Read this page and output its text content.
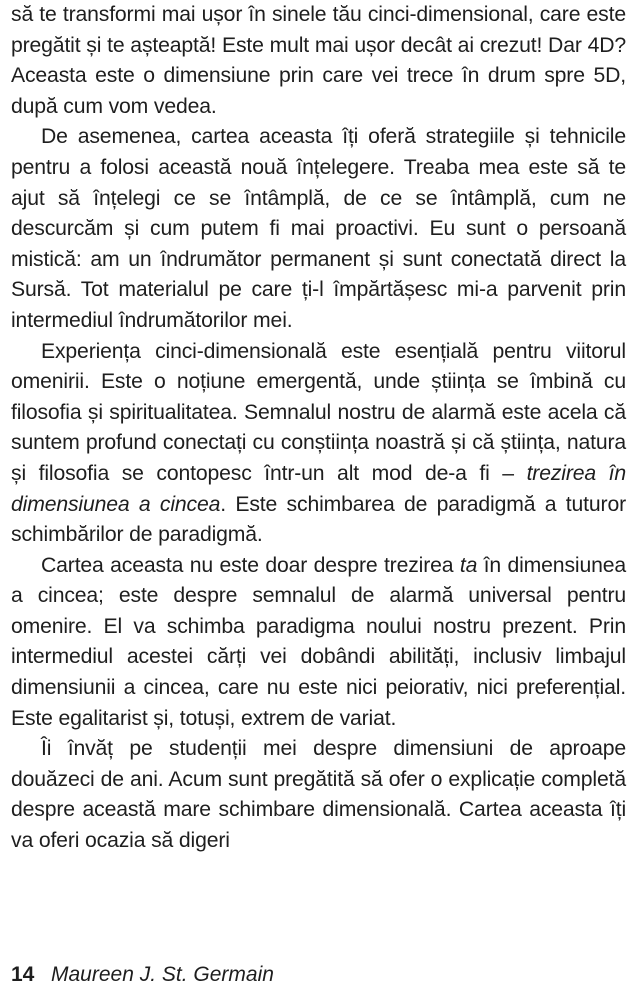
să te transformi mai ușor în sinele tău cinci-dimensional, care este pregătit și te așteaptă! Este mult mai ușor decât ai crezut! Dar 4D? Aceasta este o dimensiune prin care vei trece în drum spre 5D, după cum vom vedea.

De asemenea, cartea aceasta îți oferă strategiile și tehnicile pentru a folosi această nouă înțelegere. Treaba mea este să te ajut să înțelegi ce se întâmplă, de ce se întâmplă, cum ne descurcăm și cum putem fi mai proactivi. Eu sunt o persoană mistică: am un îndrumător permanent și sunt conectată direct la Sursă. Tot materialul pe care ți-l împărtășesc mi-a parvenit prin intermediul îndrumătorilor mei.

Experiența cinci-dimensională este esențială pentru viitorul omenirii. Este o noțiune emergentă, unde știința se îmbină cu filosofia și spiritualitatea. Semnalul nostru de alarmă este acela că suntem profund conectați cu conștiința noastră și că știința, natura și filosofia se contopesc într-un alt mod de-a fi – trezirea în dimensiunea a cincea. Este schimbarea de paradigmă a tuturor schimbărilor de paradigmă.

Cartea aceasta nu este doar despre trezirea ta în dimensiunea a cincea; este despre semnalul de alarmă universal pentru omenire. El va schimba paradigma noului nostru prezent. Prin intermediul acestei cărți vei dobândi abilități, inclusiv limbajul dimensiunii a cincea, care nu este nici peiorativ, nici preferențial. Este egalitarist și, totuși, extrem de variat.

Îi învăț pe studenții mei despre dimensiuni de aproape douăzeci de ani. Acum sunt pregătită să ofer o explicație completă despre această mare schimbare dimensională. Cartea aceasta îți va oferi ocazia să digeri

14 Maureen J. St. Germain
